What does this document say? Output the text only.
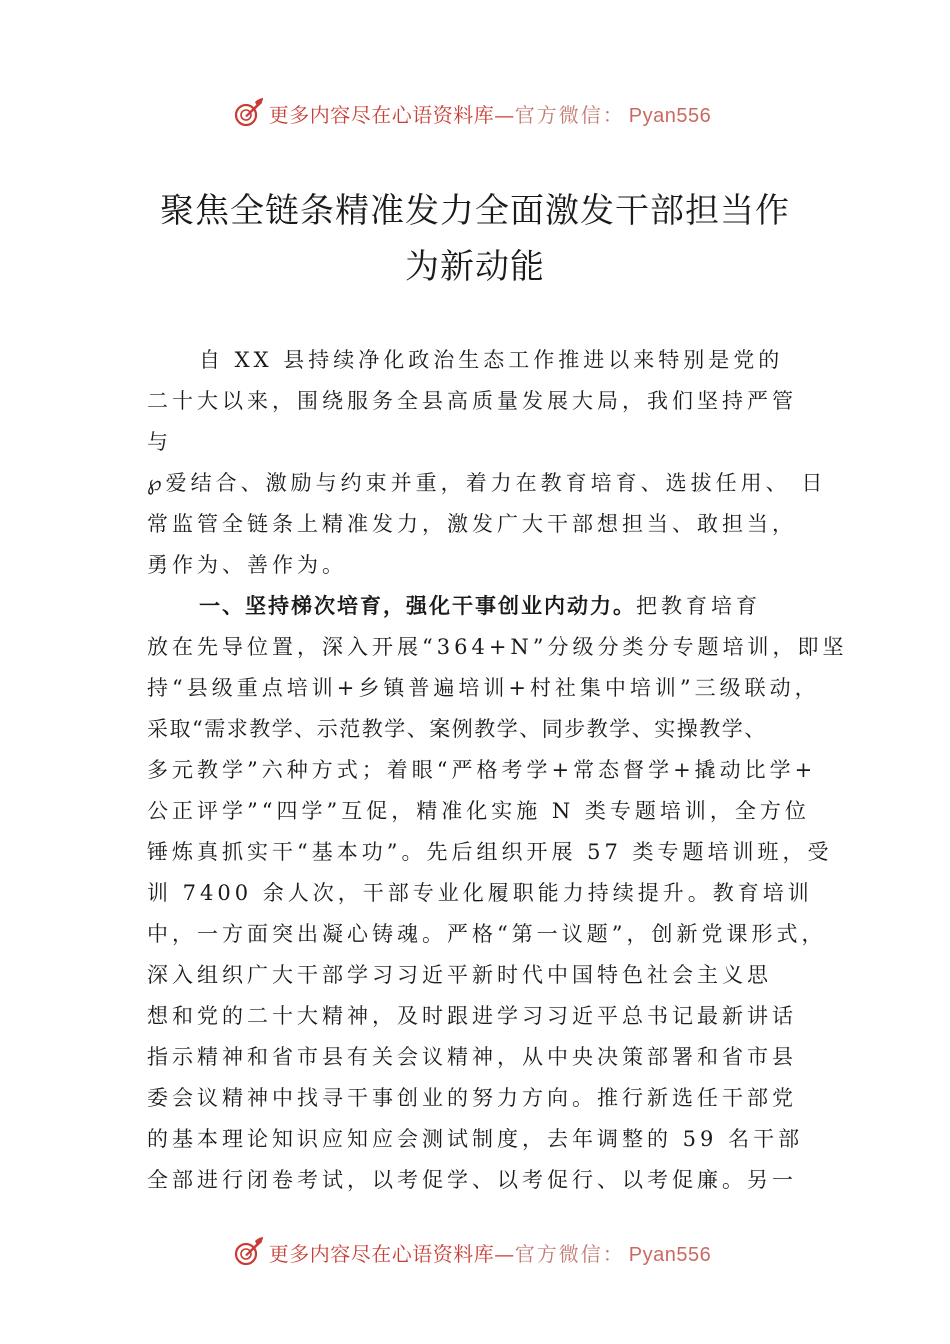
更多内容尽在心语资料库—官方微信： Pyan556
聚焦全链条精准发力全面激发干部担当作
为新动能
自 XX 县持续净化政治生态工作推进以来特别是党的
二十大以来，围绕服务全县高质量发展大局，我们坚持严管
与
℘爱结合、激励与约束并重，着力在教育培育、选拔任用、 日
常监管全链条上精准发力，激发广大干部想担当、敢担当，
勇作为、善作为。
一、坚持梯次培育，强化干事创业内动力。把教育培育
放在先导位置，深入开展“364+N”分级分类分专题培训，即坚
持“县级重点培训+乡镇普遍培训+村社集中培训”三级联动，
采取“需求教学、示范教学、案例教学、同步教学、实操教学、
多元教学”六种方式；着眼“严格考学+常态督学+撬动比学+
公正评学”“四学”互促，精准化实施 N 类专题培训，全方位
锤炼真抓实干“基本功”。先后组织开展 57 类专题培训班，受
训 7400 余人次，干部专业化履职能力持续提升。教育培训
中，一方面突出凝心铸魂。严格“第一议题”，创新党课形式，
深入组织广大干部学习习近平新时代中国特色社会主义思
想和党的二十大精神，及时跟进学习习近平总书记最新讲话
指示精神和省市县有关会议精神，从中央决策部署和省市县
委会议精神中找寻干事创业的努力方向。推行新选任干部党
的基本理论知识应知应会测试制度，去年调整的 59 名干部
全部进行闭卷考试，以考促学、以考促行、以考促廉。另一
更多内容尽在心语资料库—官方微信： Pyan556
